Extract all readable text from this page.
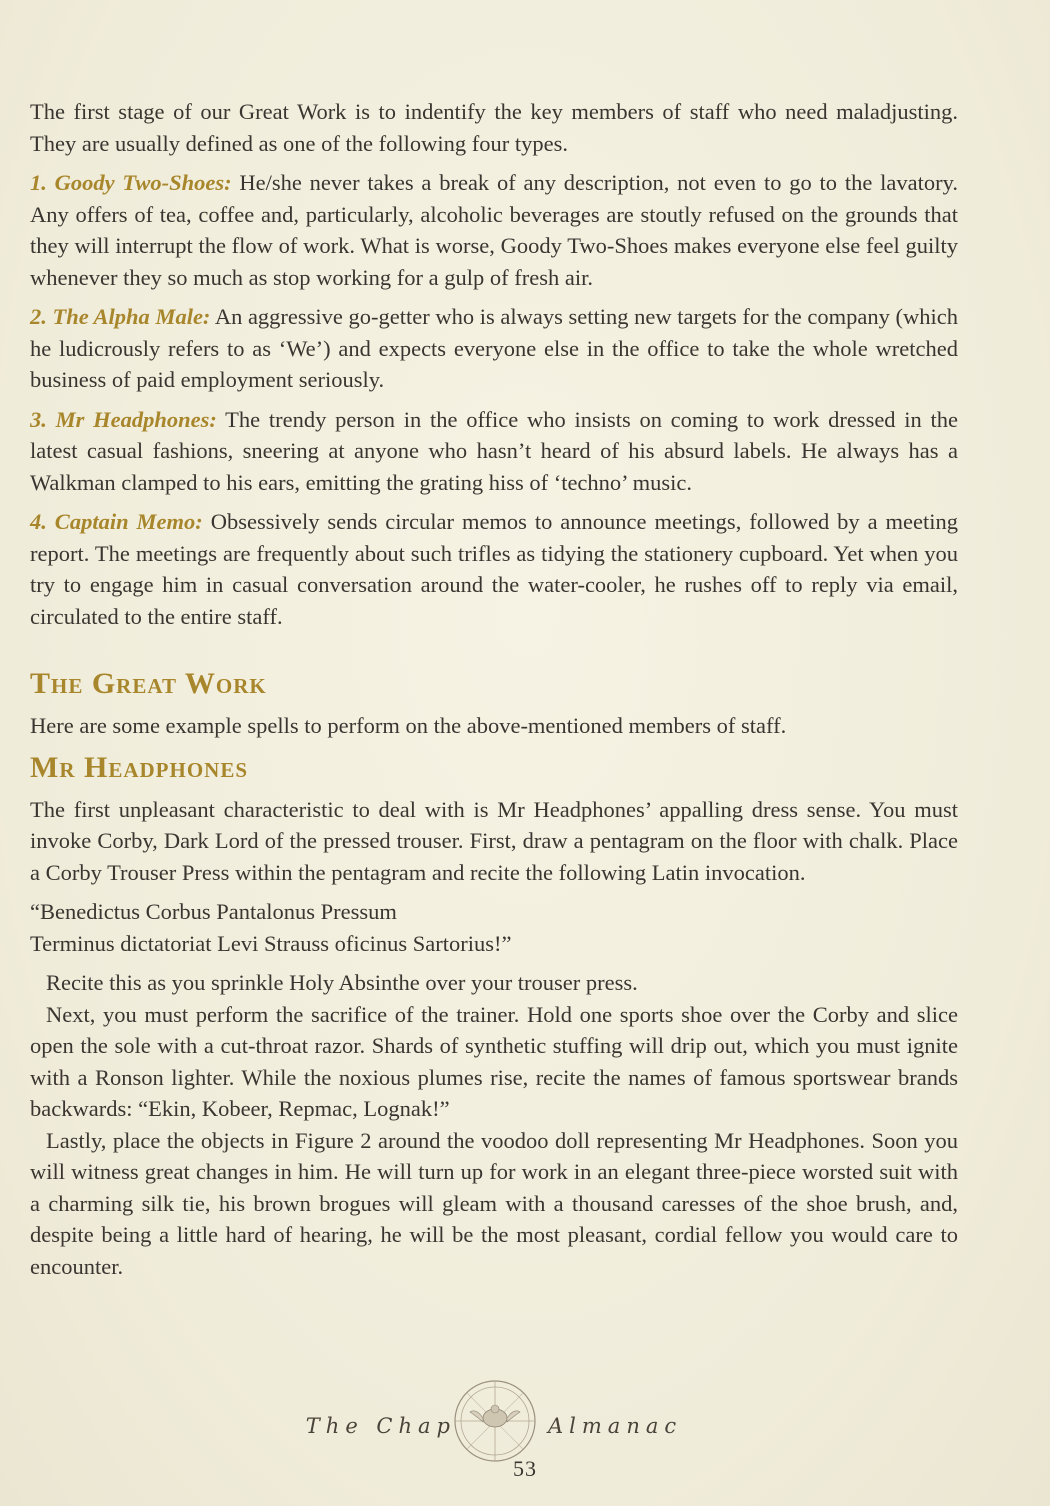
The first stage of our Great Work is to indentify the key members of staff who need maladjusting. They are usually defined as one of the following four types.

1. Goody Two-Shoes: He/she never takes a break of any description, not even to go to the lavatory. Any offers of tea, coffee and, particularly, alcoholic beverages are stoutly refused on the grounds that they will interrupt the flow of work. What is worse, Goody Two-Shoes makes everyone else feel guilty whenever they so much as stop working for a gulp of fresh air.

2. The Alpha Male: An aggressive go-getter who is always setting new targets for the company (which he ludicrously refers to as ‘We’) and expects everyone else in the office to take the whole wretched business of paid employment seriously.

3. Mr Headphones: The trendy person in the office who insists on coming to work dressed in the latest casual fashions, sneering at anyone who hasn’t heard of his absurd labels. He always has a Walkman clamped to his ears, emitting the grating hiss of ‘techno’ music.

4. Captain Memo: Obsessively sends circular memos to announce meetings, followed by a meeting report. The meetings are frequently about such trifles as tidying the stationery cupboard. Yet when you try to engage him in casual conversation around the water-cooler, he rushes off to reply via email, circulated to the entire staff.

The Great Work

Here are some example spells to perform on the above-mentioned members of staff.

Mr Headphones

The first unpleasant characteristic to deal with is Mr Headphones’ appalling dress sense. You must invoke Corby, Dark Lord of the pressed trouser. First, draw a pentagram on the floor with chalk. Place a Corby Trouser Press within the pentagram and recite the following Latin invocation.

“Benedictus Corbus Pantalonus Pressum

Terminus dictatoriat Levi Strauss oficinus Sartorius!”

Recite this as you sprinkle Holy Absinthe over your trouser press.

Next, you must perform the sacrifice of the trainer. Hold one sports shoe over the Corby and slice open the sole with a cut-throat razor. Shards of synthetic stuffing will drip out, which you must ignite with a Ronson lighter. While the noxious plumes rise, recite the names of famous sportswear brands backwards: “Ekin, Kobeer, Repmac, Lognak!”

Lastly, place the objects in Figure 2 around the voodoo doll representing Mr Headphones. Soon you will witness great changes in him. He will turn up for work in an elegant three-piece worsted suit with a charming silk tie, his brown brogues will gleam with a thousand caresses of the shoe brush, and, despite being a little hard of hearing, he will be the most pleasant, cordial fellow you would care to encounter.

The Chap	Almanac
53
